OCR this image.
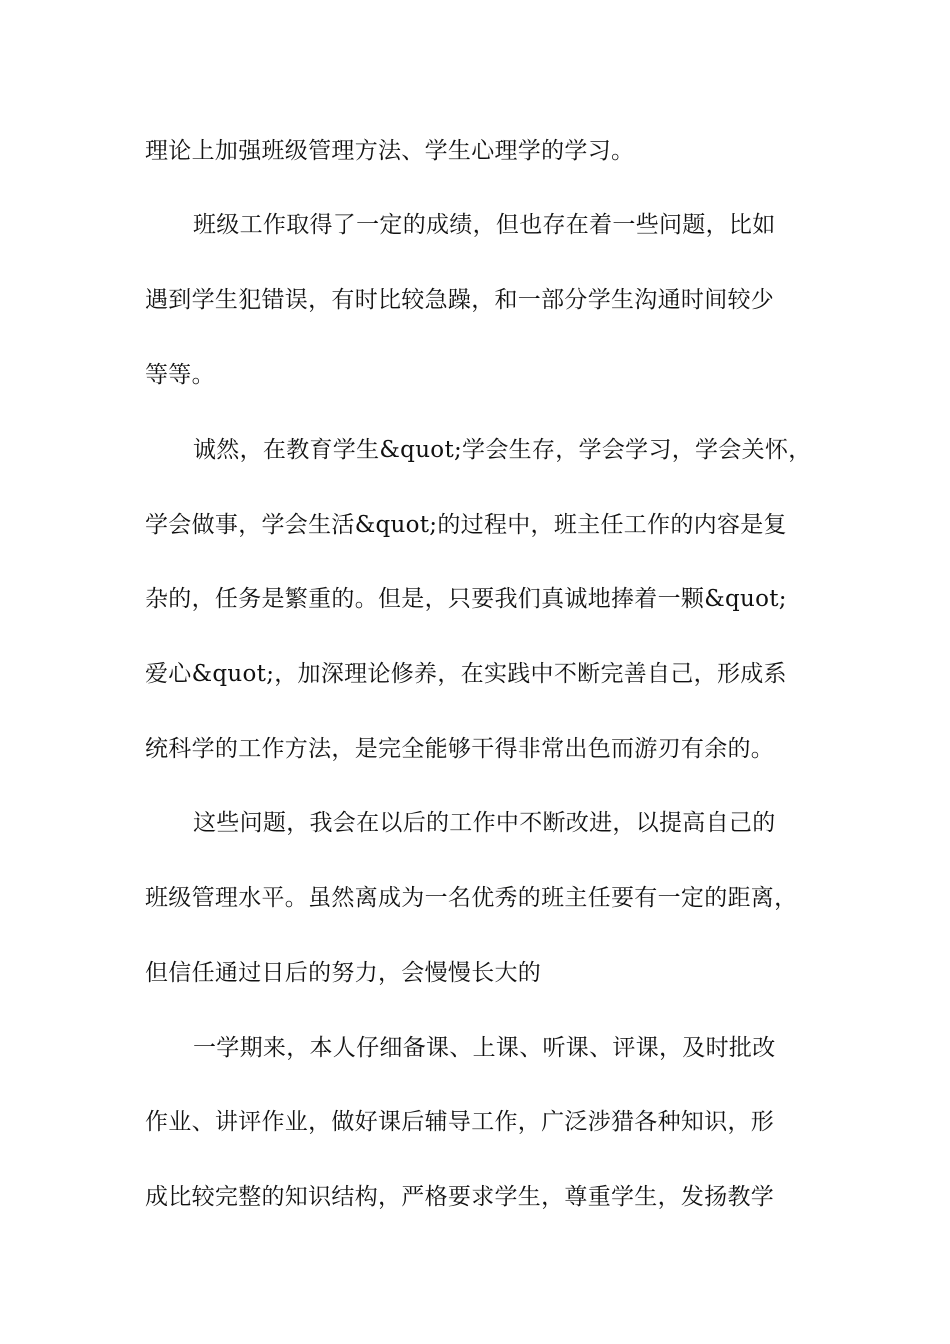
理论上加强班级管理方法、学生心理学的学习。
班级工作取得了一定的成绩，但也存在着一些问题，比如
遇到学生犯错误，有时比较急躁，和一部分学生沟通时间较少
等等。
诚然，在教育学生&quot;学会生存，学会学习，学会关怀，
学会做事，学会生活&quot;的过程中，班主任工作的内容是复
杂的，任务是繁重的。但是，只要我们真诚地捧着一颗&quot;
爱心&quot;，加深理论修养，在实践中不断完善自己，形成系
统科学的工作方法，是完全能够干得非常出色而游刃有余的。
这些问题，我会在以后的工作中不断改进，以提高自己的
班级管理水平。虽然离成为一名优秀的班主任要有一定的距离，
但信任通过日后的努力，会慢慢长大的
一学期来，本人仔细备课、上课、听课、评课，及时批改
作业、讲评作业，做好课后辅导工作，广泛涉猎各种知识，形
成比较完整的知识结构，严格要求学生，尊重学生，发扬教学
